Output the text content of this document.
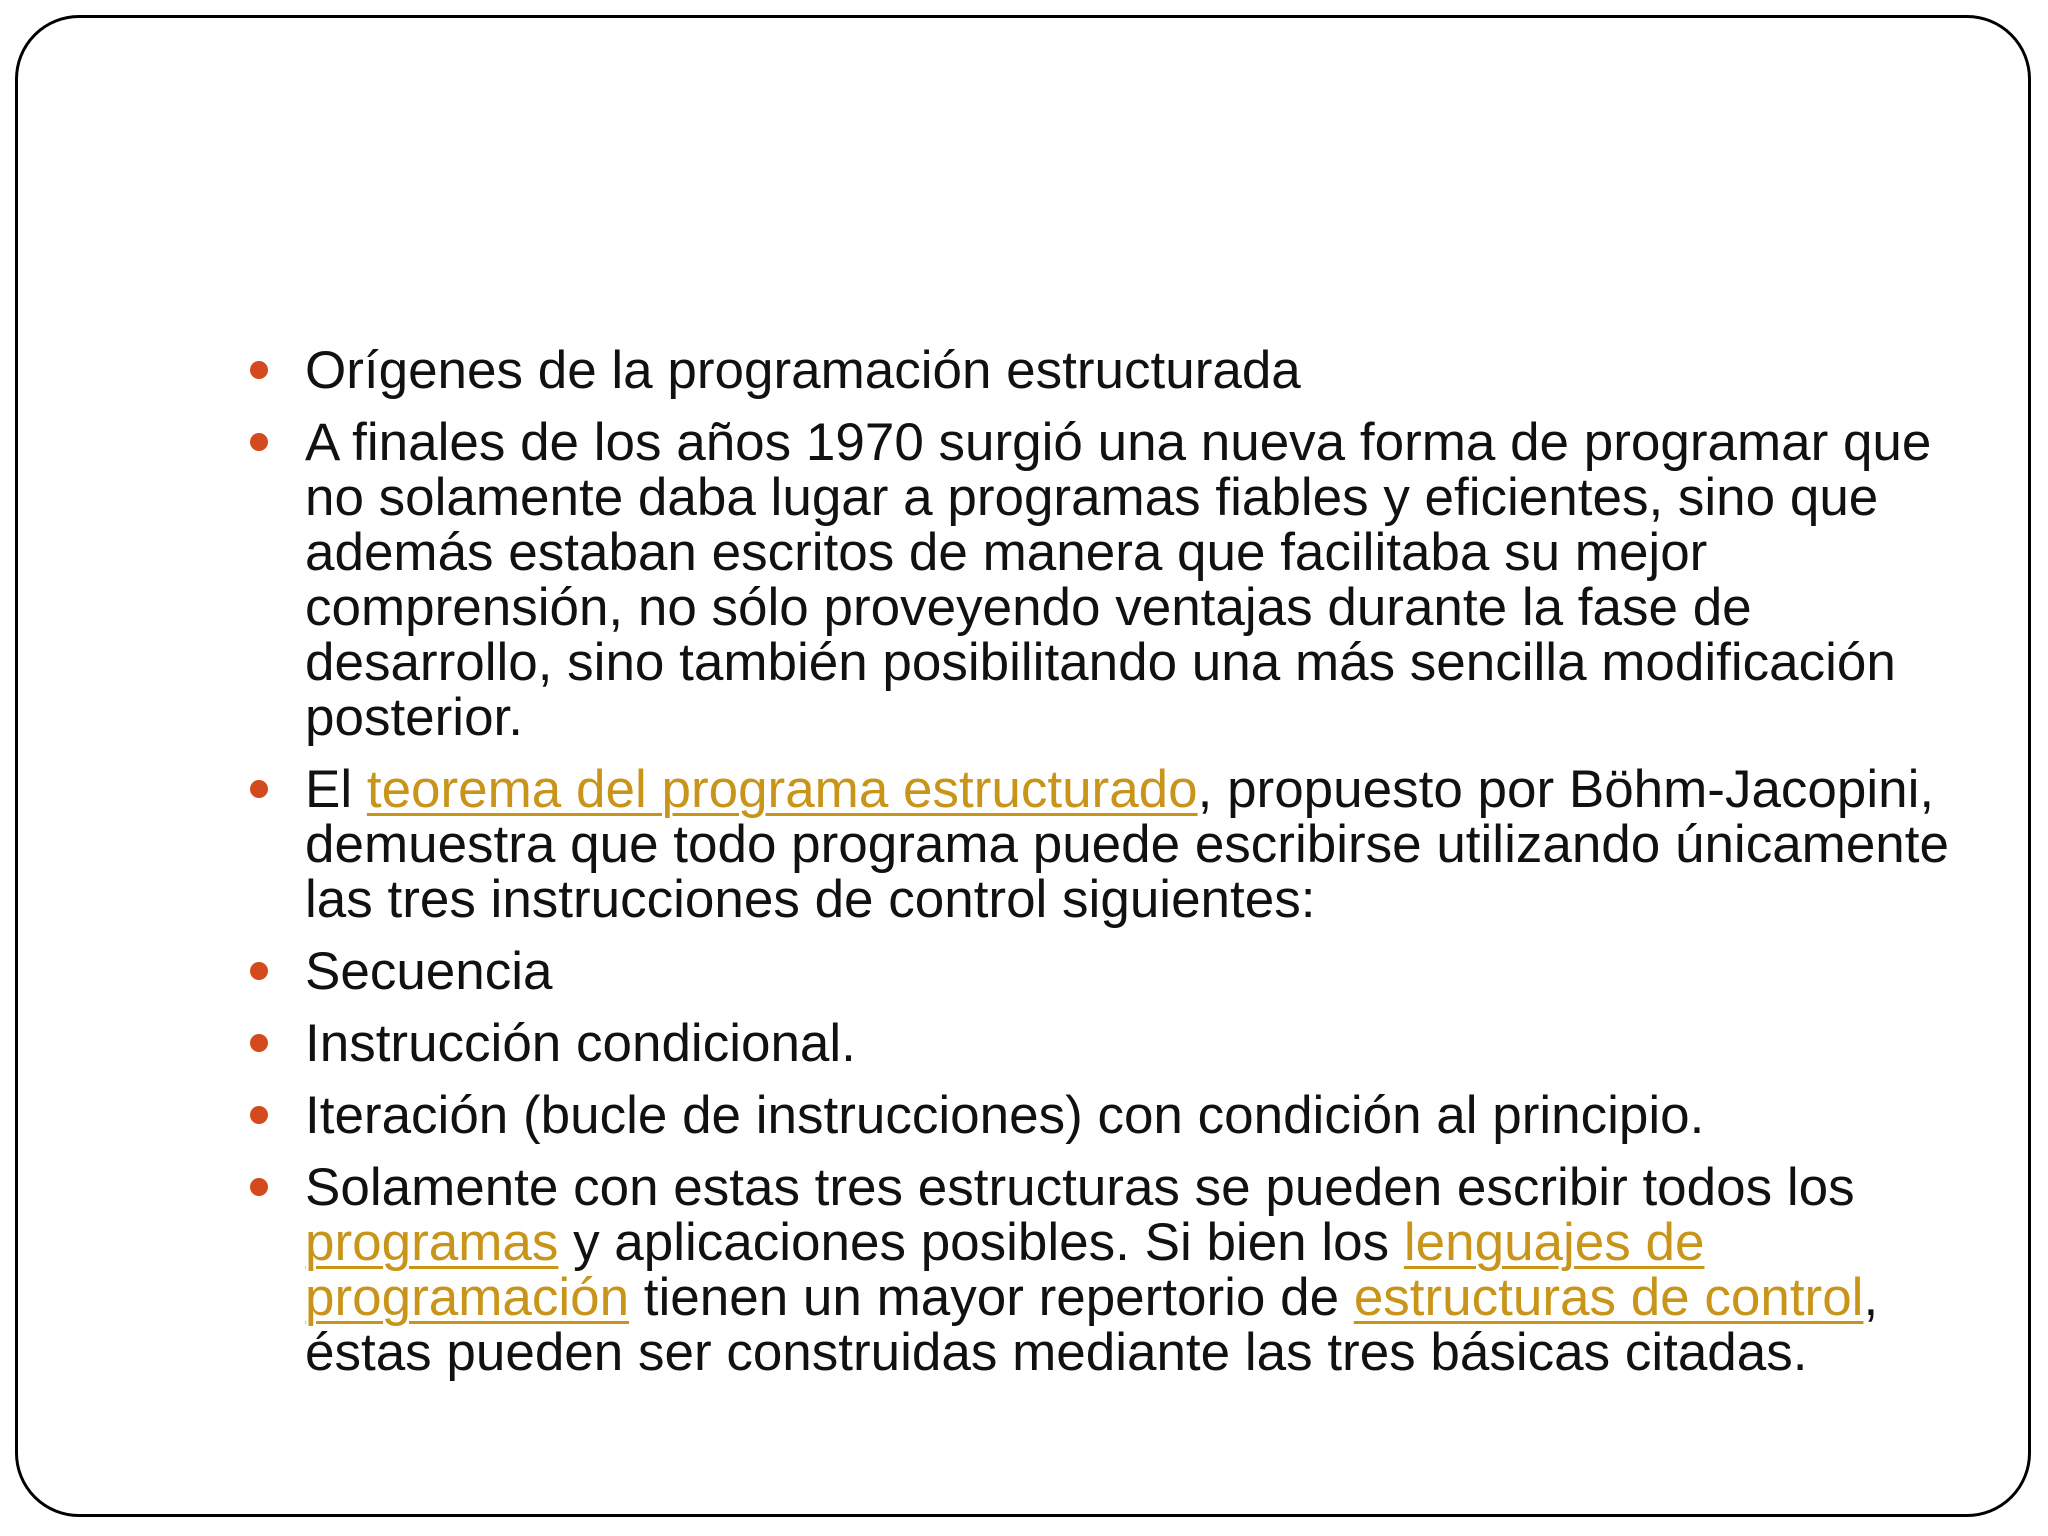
Orígenes de la programación estructurada
A finales de los años 1970 surgió una nueva forma de programar que no solamente daba lugar a programas fiables y eficientes, sino que además estaban escritos de manera que facilitaba su mejor comprensión, no sólo proveyendo ventajas durante la fase de desarrollo, sino también posibilitando una más sencilla modificación posterior.
El teorema del programa estructurado, propuesto por Böhm-Jacopini, demuestra que todo programa puede escribirse utilizando únicamente las tres instrucciones de control siguientes:
Secuencia
Instrucción condicional.
Iteración (bucle de instrucciones) con condición al principio.
Solamente con estas tres estructuras se pueden escribir todos los programas y aplicaciones posibles. Si bien los lenguajes de programación tienen un mayor repertorio de estructuras de control, éstas pueden ser construidas mediante las tres básicas citadas.
